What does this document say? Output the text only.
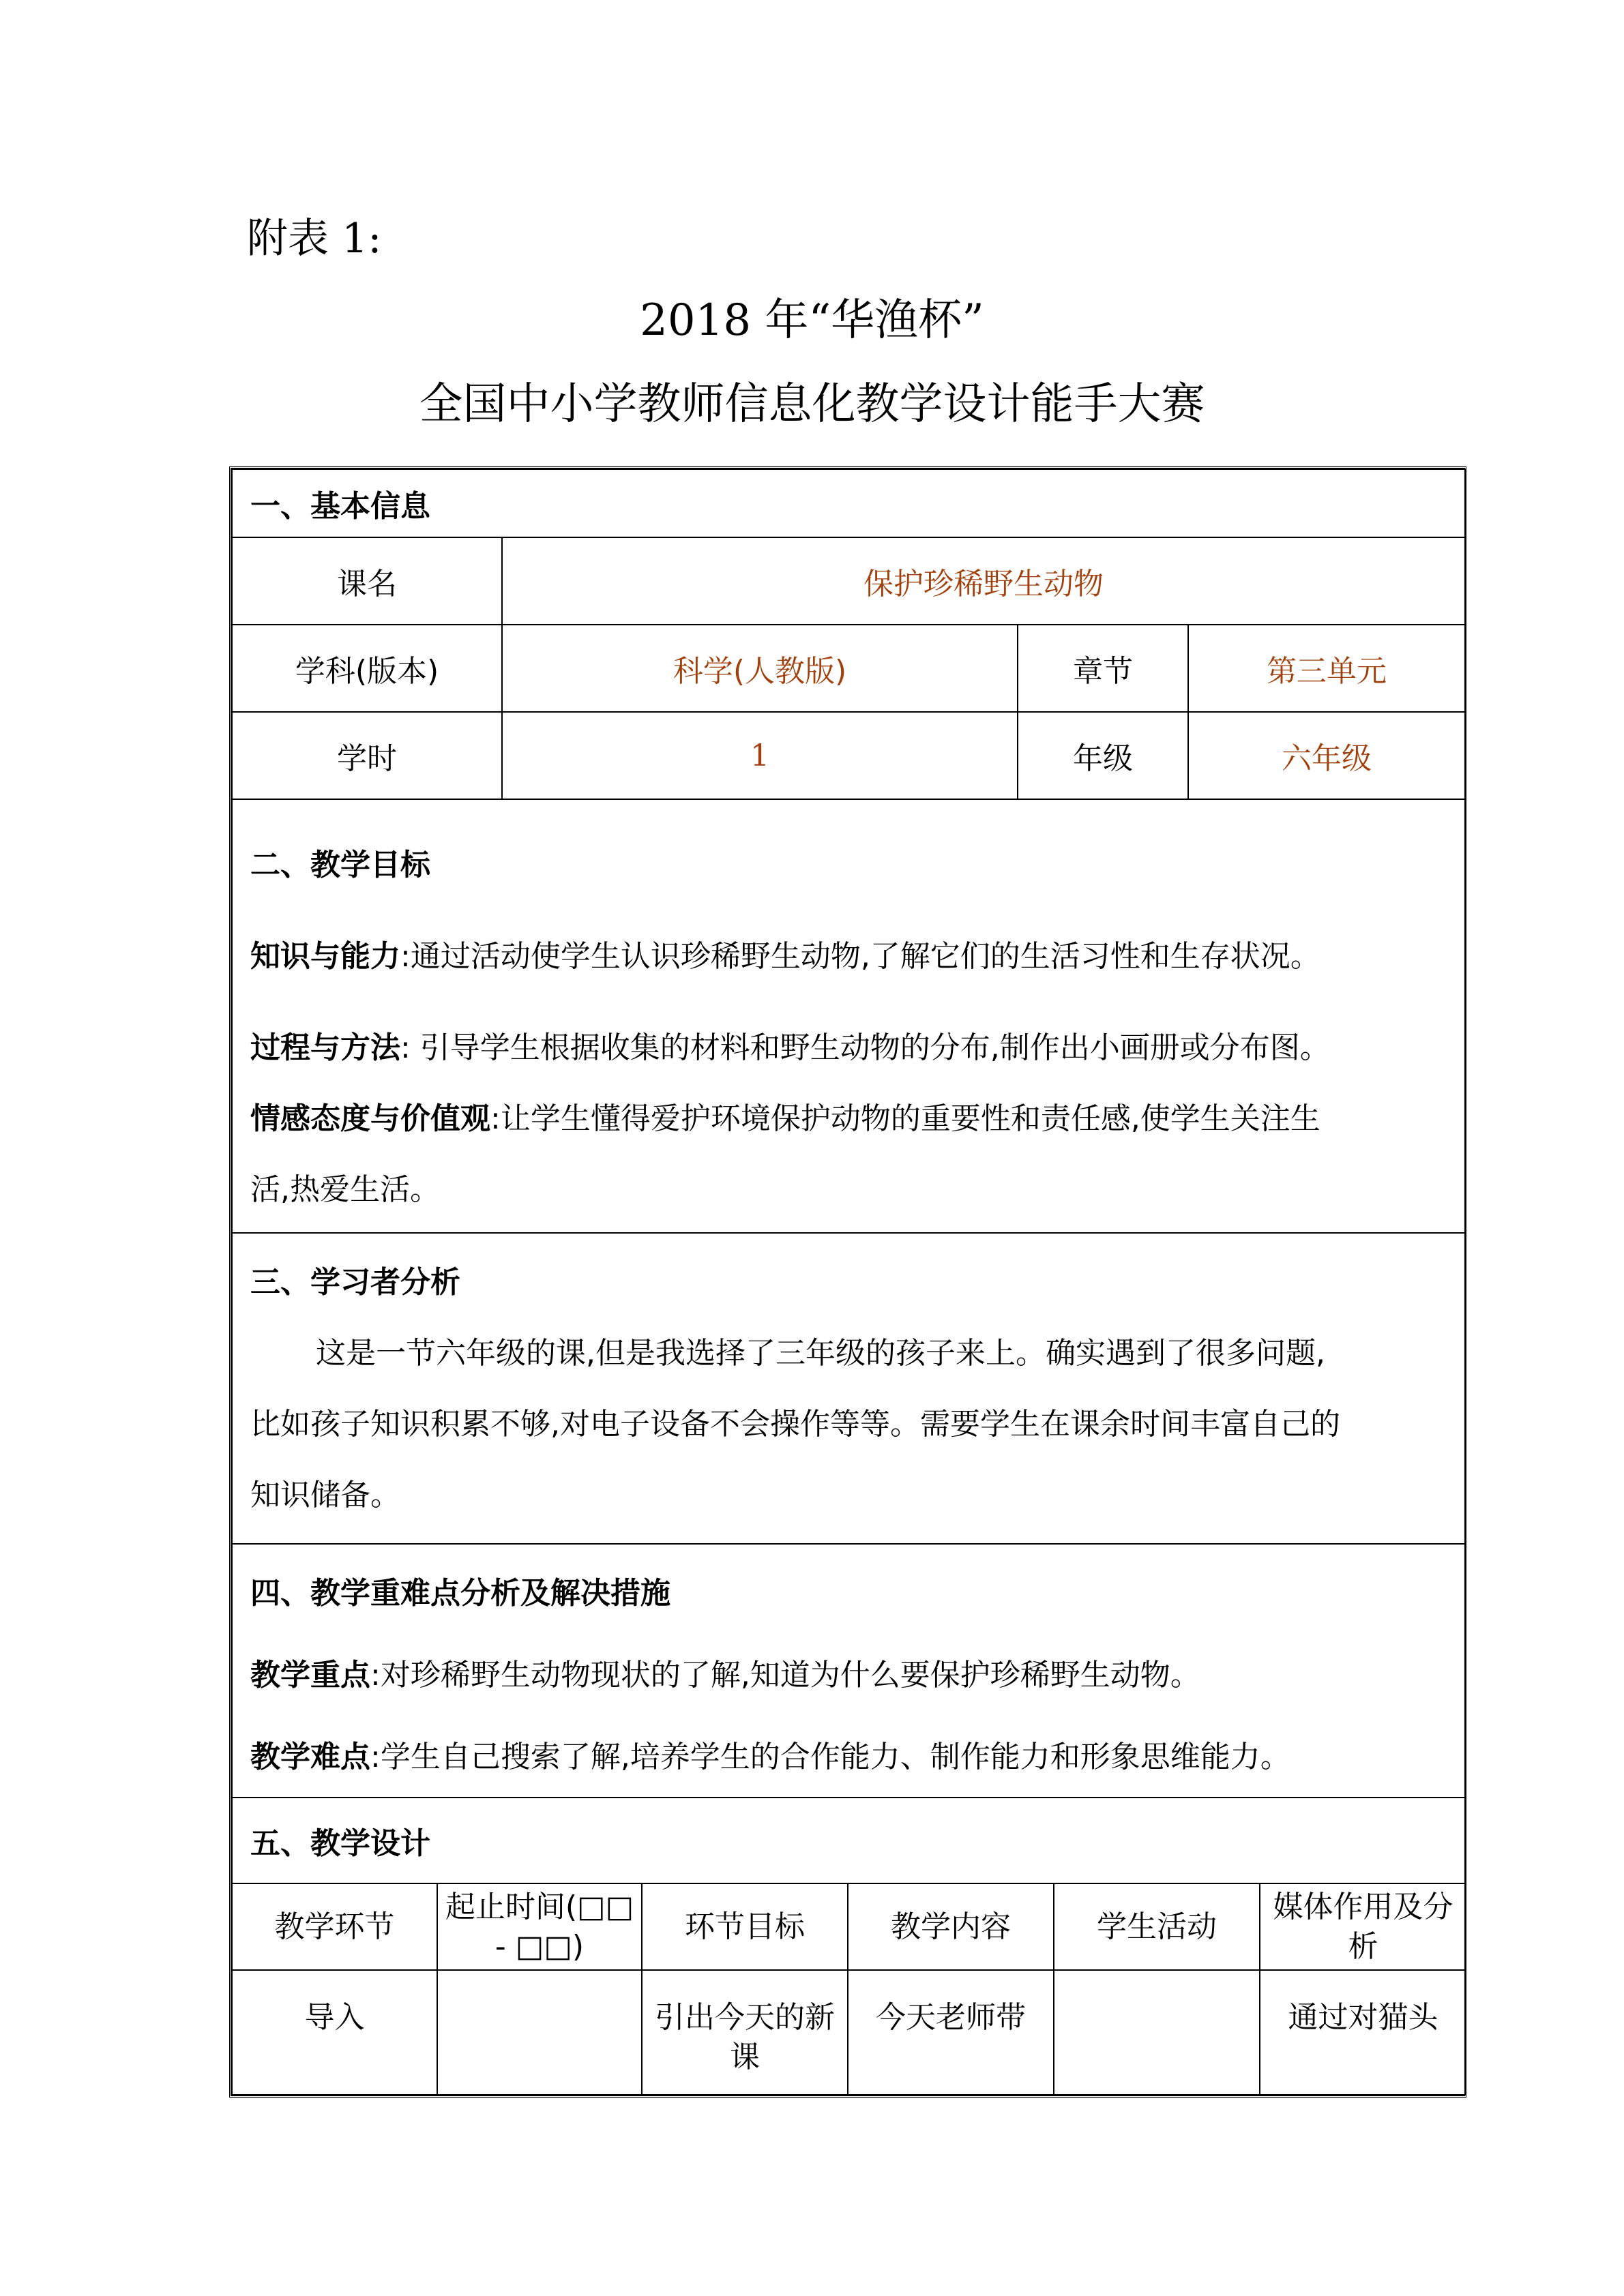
附表 1:
2018 年“华渔杯”
全国中小学教师信息化教学设计能手大赛
一、基本信息
课名	保护珍稀野生动物
学科(版本)	科学(人教版)	章节	第三单元
学时	1	年级	六年级

二、教学目标

知识与能力:通过活动使学生认识珍稀野生动物,了解它们的生活习性和生存状况。

过程与方法: 引导学生根据收集的材料和野生动物的分布,制作出小画册或分布图。

情感态度与价值观:让学生懂得爱护环境保护动物的重要性和责任感,使学生关注生

活,热爱生活。

三、学习者分析

这是一节六年级的课,但是我选择了三年级的孩子来上。确实遇到了很多问题,

比如孩子知识积累不够,对电子设备不会操作等等。需要学生在课余时间丰富自己的

知识储备。

四、教学重难点分析及解决措施

教学重点:对珍稀野生动物现状的了解,知道为什么要保护珍稀野生动物。

教学难点:学生自己搜索了解,培养学生的合作能力、制作能力和形象思维能力。

五、教学设计

教学环节	起止时间(□□ - □□)	环节目标	教学内容	学生活动	媒体作用及分析
导入		引出今天的新课	今天老师带		通过对猫头
